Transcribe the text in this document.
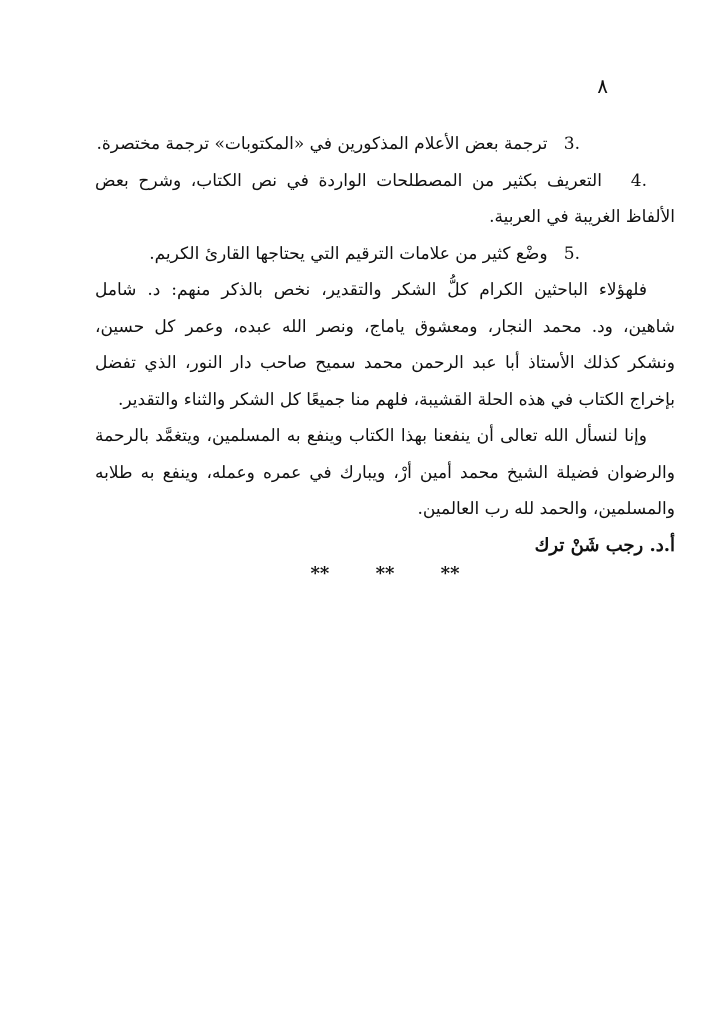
٨
3.   ترجمة بعض الأعلام المذكورين في «المكتوبات» ترجمة مختصرة.
4.   التعريف بكثير من المصطلحات الواردة في نص الكتاب، وشرح بعض
الألفاظ الغريبة في العربية.
5.   وضْع كثير من علامات الترقيم التي يحتاجها القارئ الكريم.
فلهؤلاء الباحثين الكرام كلُّ الشكر والتقدير، نخص بالذكر منهم: د. شامل
شاهين، ود. محمد النجار، ومعشوق ياماج، ونصر الله عبده، وعمر كل حسين،
ونشكر كذلك الأستاذ أبا عبد الرحمن محمد سميح صاحب دار النور، الذي تفضل
بإخراج الكتاب في هذه الحلة القشيبة، فلهم منا جميعًا كل الشكر والثناء والتقدير.
وإنا لنسأل الله تعالى أن ينفعنا بهذا الكتاب وينفع به المسلمين، ويتغمَّد بالرحمة
والرضوان فضيلة الشيخ محمد أمين أرْ، ويبارك في عمره وعمله، وينفع به طلابه
والمسلمين، والحمد لله رب العالمين.
أ.د. رجب شَنْ ترك
** ** **
